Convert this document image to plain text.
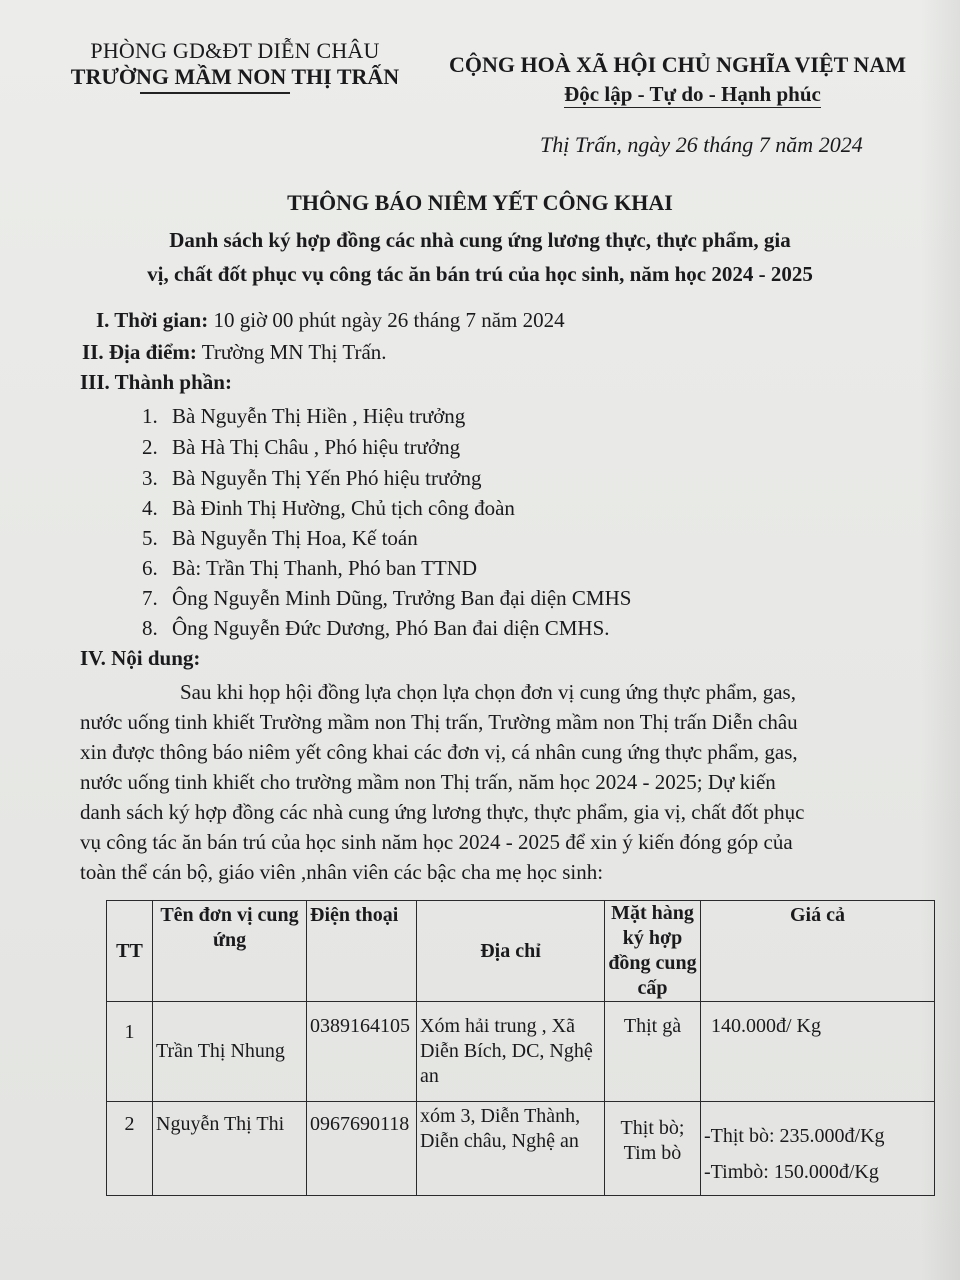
PHÒNG GD&ĐT DIỄN CHÂU
TRƯỜNG MẦM NON THỊ TRẤN	CỘNG HOÀ XÃ HỘI CHỦ NGHĨA VIỆT NAM
Độc lập - Tự do - Hạnh phúc
Thị Trấn, ngày 26 tháng 7 năm 2024
THÔNG BÁO NIÊM YẾT CÔNG KHAI
Danh sách ký hợp đồng các nhà cung ứng lương thực, thực phẩm, gia
vị, chất đốt phục vụ công tác ăn bán trú của học sinh, năm học 2024 - 2025
I. Thời gian: 10 giờ 00 phút ngày 26 tháng 7 năm 2024
II. Địa điểm: Trường MN Thị Trấn.
III. Thành phần:
1. Bà Nguyễn Thị Hiền , Hiệu trưởng
2. Bà Hà Thị Châu , Phó hiệu trưởng
3. Bà Nguyễn Thị Yến Phó hiệu trưởng
4. Bà Đinh Thị Hường, Chủ tịch công đoàn
5. Bà Nguyễn Thị Hoa, Kế toán
6. Bà: Trần Thị Thanh, Phó ban TTND
7. Ông Nguyễn Minh Dũng, Trưởng Ban đại diện CMHS
8. Ông Nguyễn Đức Dương, Phó Ban đai diện CMHS.
IV. Nội dung:
Sau khi họp hội đồng lựa chọn lựa chọn đơn vị cung ứng thực phẩm, gas,
nước uống tinh khiết Trường mầm non Thị trấn, Trường mầm non Thị trấn Diễn châu
xin được thông báo niêm yết công khai các đơn vị, cá nhân cung ứng thực phẩm, gas,
nước uống tinh khiết cho trường mầm non Thị trấn, năm học 2024 - 2025; Dự kiến
danh sách ký hợp đồng các nhà cung ứng lương thực, thực phẩm, gia vị, chất đốt phục
vụ công tác ăn bán trú của học sinh năm học 2024 - 2025 để xin ý kiến đóng góp của
toàn thể cán bộ, giáo viên ,nhân viên các bậc cha mẹ học sinh:
TT	Tên đơn vị cung ứng	Điện thoại	Địa chỉ	Mặt hàng ký hợp đồng cung cấp	Giá cả
1	Trần Thị Nhung	0389164105	Xóm hải trung , Xã Diễn Bích, DC, Nghệ an	Thịt gà	140.000đ/ Kg

2	Nguyễn Thị Thi	0967690118	xóm 3, Diễn Thành, Diễn châu, Nghệ an	Thịt bò; Tim bò	-Thịt bò: 235.000đ/Kg
-Timbò: 150.000đ/Kg
